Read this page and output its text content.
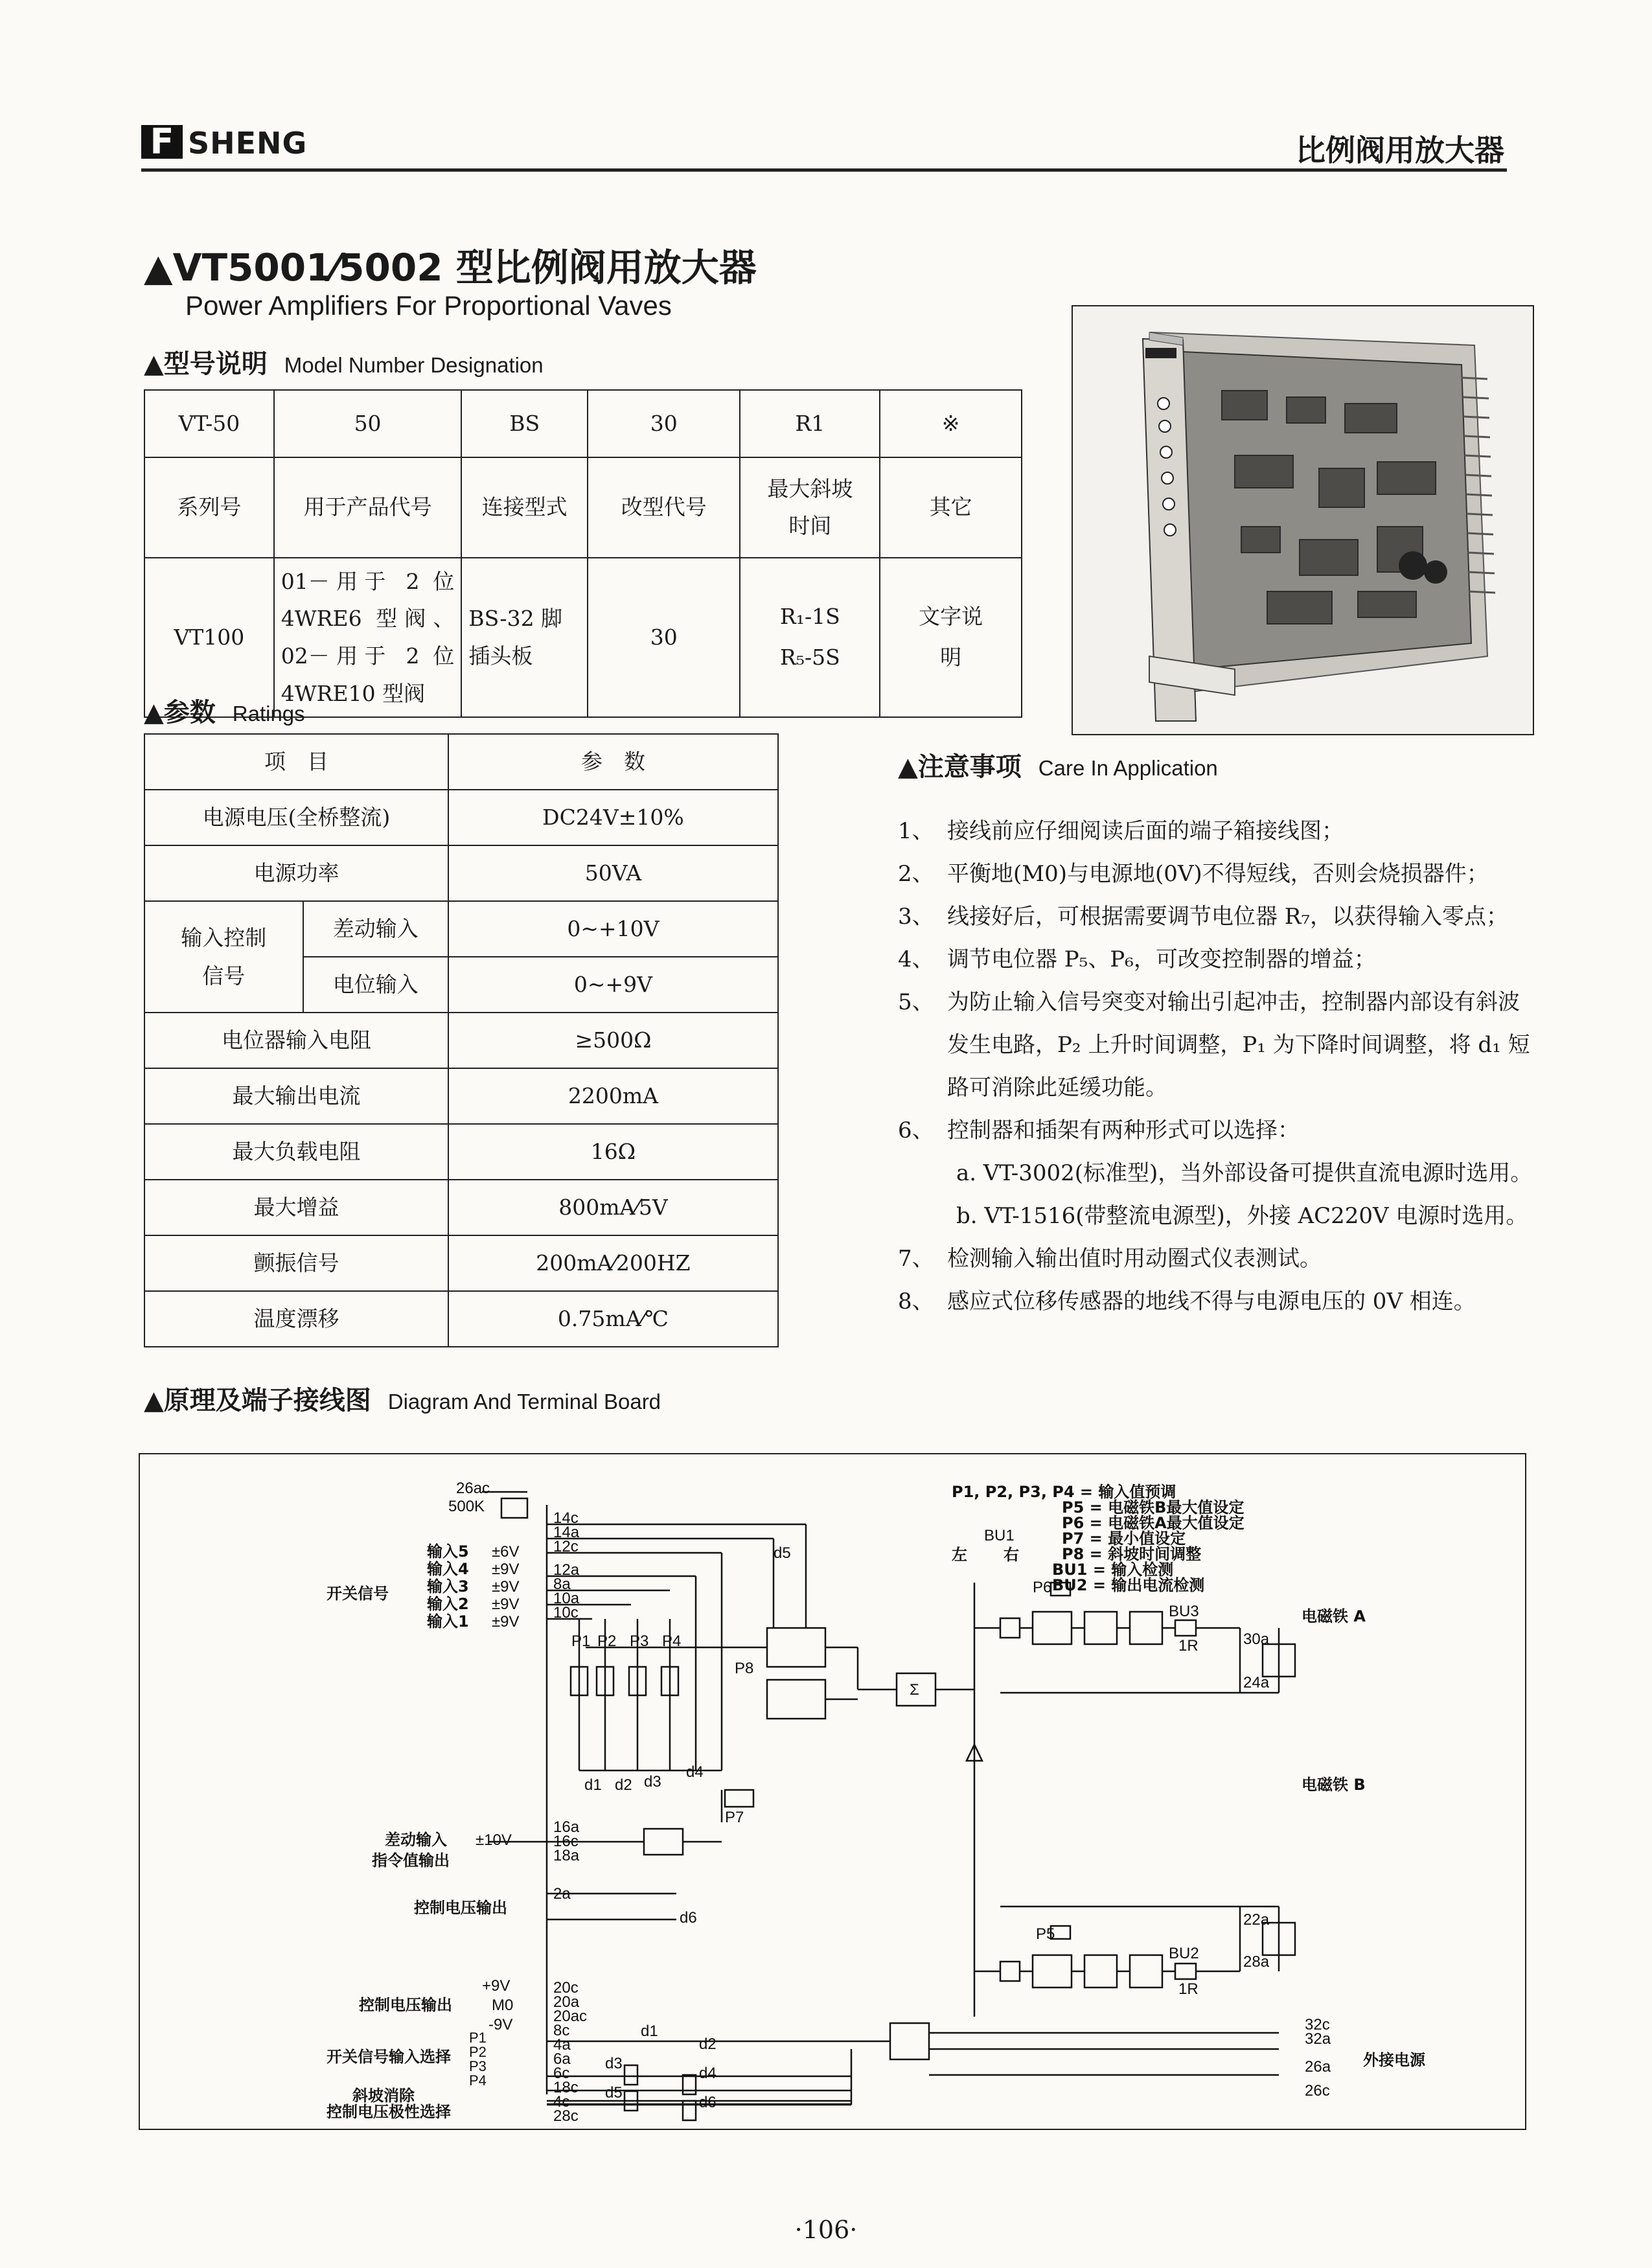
F SHENG	比例阀用放大器
▲VT5001⁄5002 型比例阀用放大器
Power Amplifiers For Proportional Vaves
▲型号说明 Model Number Designation
VT-50	50	BS	30	R1	※
系列号	用于产品代号	连接型式	改型代号	最大斜坡时间	其它
VT100	01－用于 2 位 4WRE6 型阀、02－用于 2 位 4WRE10 型阀	BS-32 脚插头板	30	R₁-1S R₅-5S	文字说明
▲参数 Ratings
项　目		参　数
电源电压(全桥整流)		DC24V±10%
电源功率		50VA
输入控制信号	差动输入	0~+10V
	电位输入	0~+9V
电位器输入电阻		≥500Ω
最大输出电流		2200mA
最大负载电阻		16Ω
最大增益		800mA⁄5V
颤振信号		200mA⁄200HZ
温度漂移		0.75mA⁄℃
▲注意事项 Care In Application
1、 接线前应仔细阅读后面的端子箱接线图；
2、 平衡地(M0)与电源地(0V)不得短线，否则会烧损器件；
3、 线接好后，可根据需要调节电位器 R₇，以获得输入零点；
4、 调节电位器 P₅、P₆，可改变控制器的增益；
5、 为防止输入信号突变对输出引起冲击，控制器内部设有斜波发生电路，P₂ 上升时间调整，P₁ 为下降时间调整，将 d₁ 短路可消除此延缓功能。
6、 控制器和插架有两种形式可以选择：
a. VT-3002(标准型)，当外部设备可提供直流电源时选用。
b. VT-1516(带整流电源型)，外接 AC220V 电源时选用。
7、 检测输入输出值时用动圈式仪表测试。
8、 感应式位移传感器的地线不得与电源电压的 0V 相连。
▲原理及端子接线图 Diagram And Terminal Board
26ac
500K
14c
14a
12c
12a
8a
10a
10c
开关信号
输入5
输入4
输入3
输入2
输入1
±6V
±9V
±9V
±9V
±9V
P1 P2 P3 P4
d1 d2 d3
d4
P7
P8
d5
BU1
左 右
P6
P5
BU3
BU2
1R
1R
Σ
电磁铁 A
电磁铁 B
30a
24a
22a
28a
差动输入 ±10V
指令值输出
16a
16c
18a
控制电压输出
2a
d6
+9V
控制电压输出	M0
-9V
20c
20a
20ac
8c
4a
6a
6c
18c
4c
28c
32c
32a
26a
26c
外接电源
开关信号输入选择
P1
P2
P3
P4
斜坡消除
控制电压极性选择
d1
d2
d3
d4
d5
d6
P1, P2, P3, P4 = 输入值预调
P5 = 电磁铁B最大值设定
P6 = 电磁铁A最大值设定
P7 = 最小值设定
P8 = 斜坡时间调整
BU1 = 输入检测
BU2 = 输出电流检测
·106·
